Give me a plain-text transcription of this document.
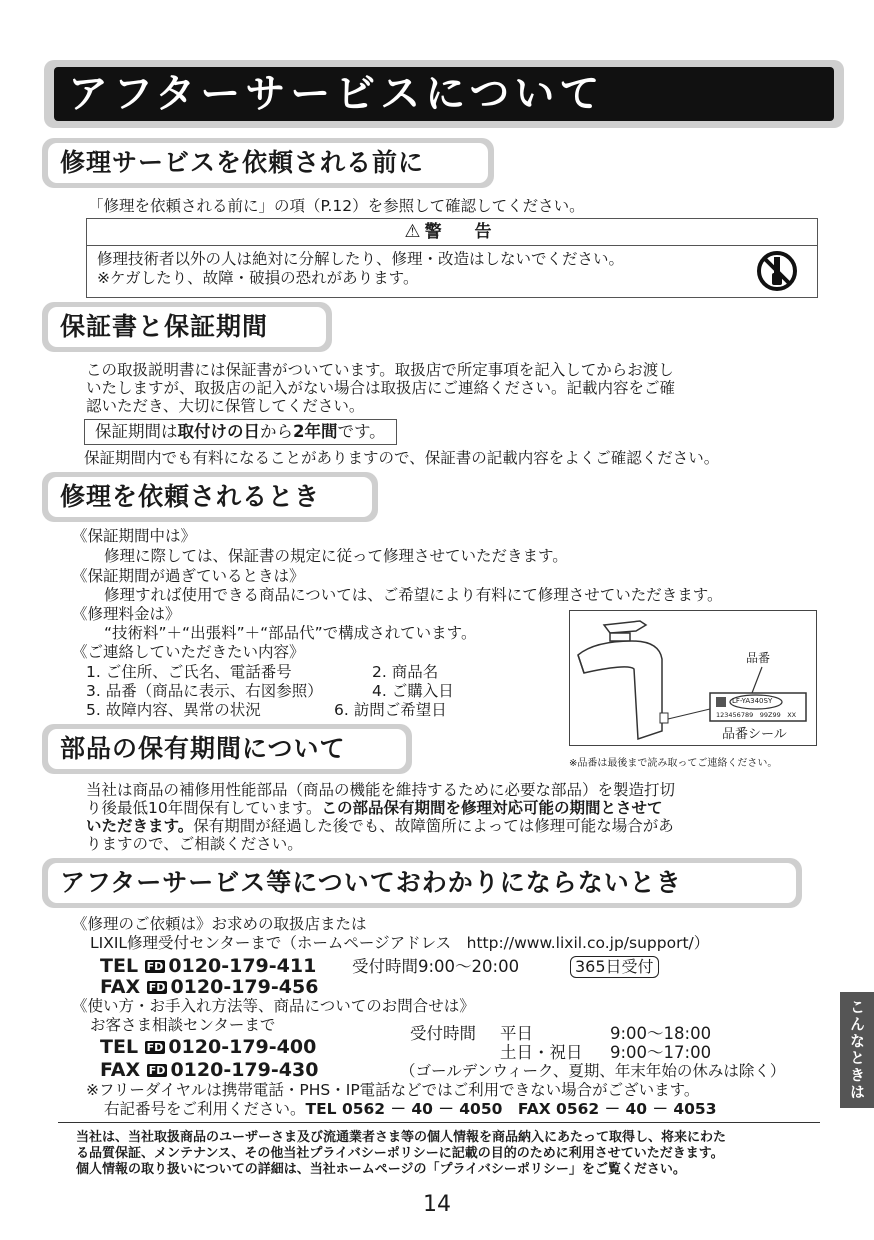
アフターサービスについて
修理サービスを依頼される前に
「修理を依頼される前に」の項（P.12）を参照して確認してください。
⚠ 警　告
修理技術者以外の人は絶対に分解したり、修理・改造はしないでください。
※ケガしたり、故障・破損の恐れがあります。
保証書と保証期間
この取扱説明書には保証書がついています。取扱店で所定事項を記入してからお渡し
いたしますが、取扱店の記入がない場合は取扱店にご連絡ください。記載内容をご確
認いただき、大切に保管してください。
保証期間は取付けの日から2年間です。
保証期間内でも有料になることがありますので、保証書の記載内容をよくご確認ください。
修理を依頼されるとき
《保証期間中は》
修理に際しては、保証書の規定に従って修理させていただきます。
《保証期間が過ぎているときは》
修理すれば使用できる商品については、ご希望により有料にて修理させていただきます。
《修理料金は》
“技術料”＋“出張料”＋“部品代”で構成されています。
《ご連絡していただきたい内容》
1. ご住所、ご氏名、電話番号	2. 商品名
3. 品番（商品に表示、右図参照）	4. ご購入日
5. 故障内容、異常の状況	6. 訪問ご希望日
品番
LF-YA340SY
123456789　99Z99　XX
品番シール
※品番は最後まで読み取ってご連絡ください。
部品の保有期間について
当社は商品の補修用性能部品（商品の機能を維持するために必要な部品）を製造打切
り後最低10年間保有しています。この部品保有期間を修理対応可能の期間とさせて
いただきます。保有期間が経過した後でも、故障箇所によっては修理可能な場合があ
りますので、ご相談ください。
アフターサービス等についておわかりにならないとき
《修理のご依頼は》お求めの取扱店または
LIXIL修理受付センターまで（ホームページアドレス　http://www.lixil.co.jp/support/）
TEL FD 0120-179-411 受付時間9:00～20:00	365日受付
FAX FD 0120-179-456
《使い方・お手入れ方法等、商品についてのお問合せは》
お客さま相談センターまで
TEL FD 0120-179-400
FAX FD 0120-179-430
受付時間 平日	9:00～18:00
土日・祝日 9:00～17:00
（ゴールデンウィーク、夏期、年末年始の休みは除く）
※フリーダイヤルは携帯電話・PHS・IP電話などではご利用できない場合がございます。
右記番号をご利用ください。TEL 0562 － 40 － 4050　 FAX 0562 － 40 － 4053
当社は、当社取扱商品のユーザーさま及び流通業者さま等の個人情報を商品納入にあたって取得し、将来にわた
る品質保証、メンテナンス、その他当社プライバシーポリシーに記載の目的のために利用させていただきます。
個人情報の取り扱いについての詳細は、当社ホームページの「プライバシーポリシー」をご覧ください。
こんなときは
14
